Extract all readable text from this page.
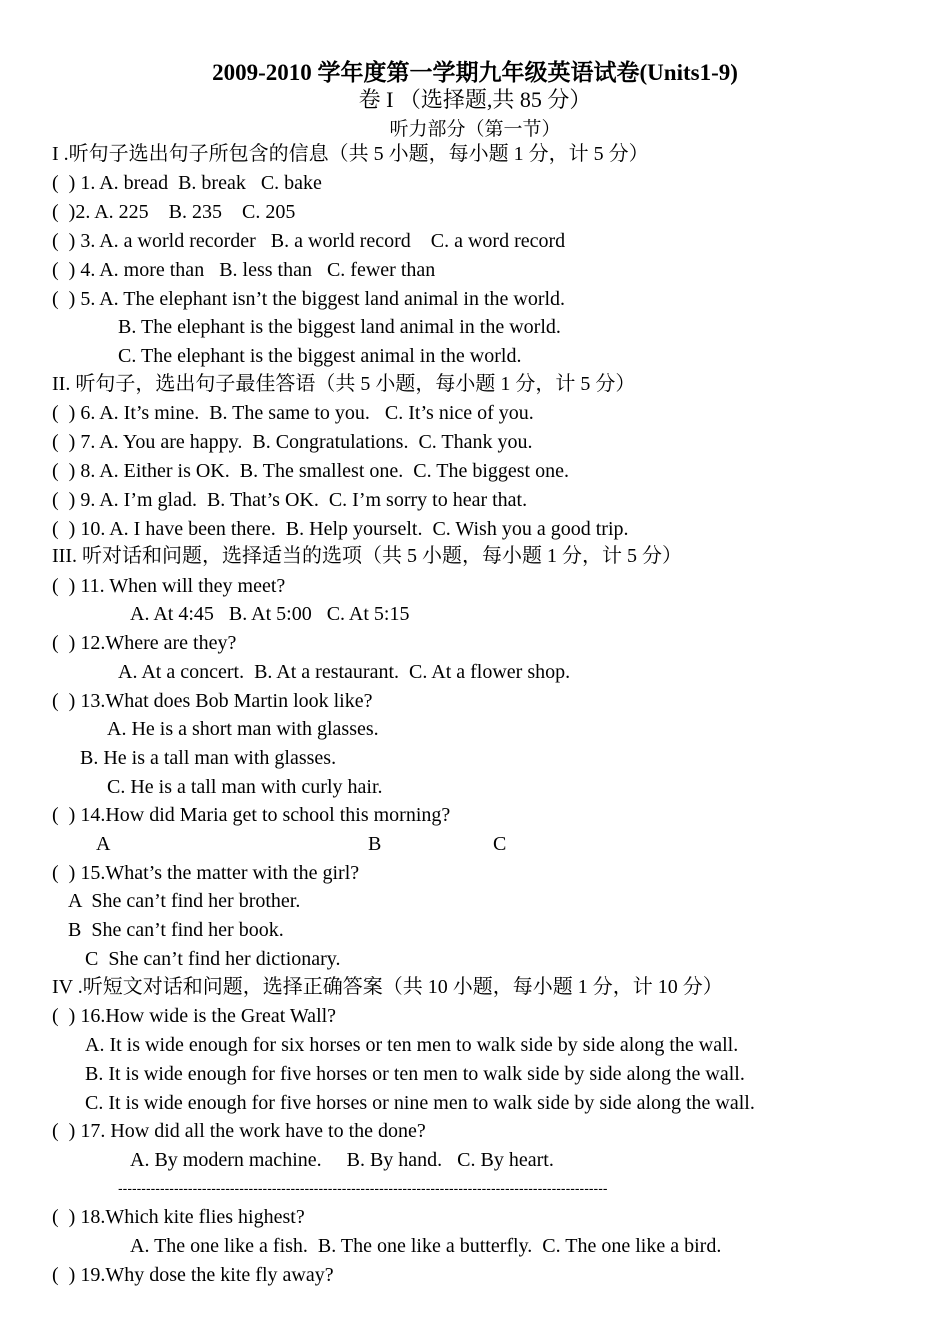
2009-2010 学年度第一学期九年级英语试卷(Units1-9)
卷 I （选择题,共 85 分）
听力部分（第一节）
I .听句子选出句子所包含的信息（共 5 小题，每小题 1 分，计 5 分）
(  ) 1. A. bread  B. break   C. bake
(  )2. A. 225    B. 235    C. 205
(  ) 3. A. a world recorder   B. a world record    C. a word record
(  ) 4. A. more than   B. less than   C. fewer than
(  ) 5. A. The elephant isn’t the biggest land animal in the world.
B. The elephant is the biggest land animal in the world.
C. The elephant is the biggest animal in the world.
II. 听句子，选出句子最佳答语（共 5 小题，每小题 1 分，计 5 分）
(  ) 6. A. It’s mine.  B. The same to you.   C. It’s nice of you.
(  ) 7. A. You are happy.  B. Congratulations.  C. Thank you.
(  ) 8. A. Either is OK.  B. The smallest one.  C. The biggest one.
(  ) 9. A. I’m glad.  B. That’s OK.  C. I’m sorry to hear that.
(  ) 10. A. I have been there.  B. Help yourselt.  C. Wish you a good trip.
III. 听对话和问题，选择适当的选项（共 5 小题，每小题 1 分，计 5 分）
(  ) 11. When will they meet?
A. At 4:45   B. At 5:00   C. At 5:15
(  ) 12.Where are they?
A. At a concert.  B. At a restaurant.  C. At a flower shop.
(  ) 13.What does Bob Martin look like?
A. He is a short man with glasses.
B. He is a tall man with glasses.
C. He is a tall man with curly hair.
(  ) 14.How did Maria get to school this morning?
A	B	C
(  ) 15.What’s the matter with the girl?
A  She can’t find her brother.
B  She can’t find her book.
C  She can’t find her dictionary.
IV .听短文对话和问题，选择正确答案（共 10 小题，每小题 1 分，计 10 分）
(  ) 16.How wide is the Great Wall?
A. It is wide enough for six horses or ten men to walk side by side along the wall.
B. It is wide enough for five horses or ten men to walk side by side along the wall.
C. It is wide enough for five horses or nine men to walk side by side along the wall.
(  ) 17. How did all the work have to the done?
A. By modern machine.     B. By hand.   C. By heart.
---------------------------------------------------------------------------------------------------------
(  ) 18.Which kite flies highest?
A. The one like a fish.  B. The one like a butterfly.  C. The one like a bird.
(  ) 19.Why dose the kite fly away?
